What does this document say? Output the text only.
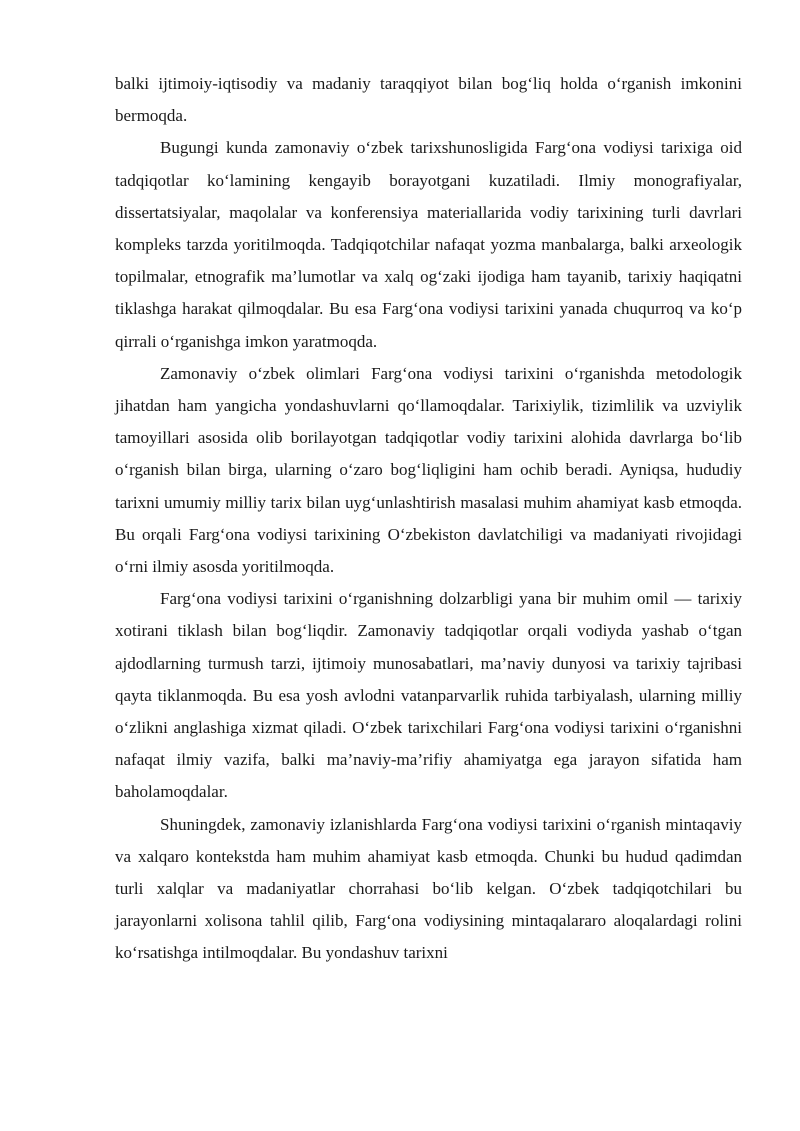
balki ijtimoiy-iqtisodiy va madaniy taraqqiyot bilan bog‘liq holda o‘rganish imkonini bermoqda.

Bugungi kunda zamonaviy o‘zbek tarixshunosligida Farg‘ona vodiysi tarixiga oid tadqiqotlar ko‘lamining kengayib borayotgani kuzatiladi. Ilmiy monografiyalar, dissertatsiyalar, maqolalar va konferensiya materiallarida vodiy tarixining turli davrlari kompleks tarzda yoritilmoqda. Tadqiqotchilar nafaqat yozma manbalarga, balki arxeologik topilmalar, etnografik ma’lumotlar va xalq og‘zaki ijodiga ham tayanib, tarixiy haqiqatni tiklashga harakat qilmoqdalar. Bu esa Farg‘ona vodiysi tarixini yanada chuqurroq va ko‘p qirrali o‘rganishga imkon yaratmoqda.

Zamonaviy o‘zbek olimlari Farg‘ona vodiysi tarixini o‘rganishda metodologik jihatdan ham yangicha yondashuvlarni qo‘llamoqdalar. Tarixiylik, tizimlilik va uzviylik tamoyillari asosida olib borilayotgan tadqiqotlar vodiy tarixini alohida davrlarga bo‘lib o‘rganish bilan birga, ularning o‘zaro bog‘liqligini ham ochib beradi. Ayniqsa, hududiy tarixni umumiy milliy tarix bilan uyg‘unlashtirish masalasi muhim ahamiyat kasb etmoqda. Bu orqali Farg‘ona vodiysi tarixining O‘zbekiston davlatchiligi va madaniyati rivojidagi o‘rni ilmiy asosda yoritilmoqda.

Farg‘ona vodiysi tarixini o‘rganishning dolzarbligi yana bir muhim omil — tarixiy xotirani tiklash bilan bog‘liqdir. Zamonaviy tadqiqotlar orqali vodiyda yashab o‘tgan ajdodlarning turmush tarzi, ijtimoiy munosabatlari, ma’naviy dunyosi va tarixiy tajribasi qayta tiklanmoqda. Bu esa yosh avlodni vatanparvarlik ruhida tarbiyalash, ularning milliy o‘zlikni anglashiga xizmat qiladi. O‘zbek tarixchilari Farg‘ona vodiysi tarixini o‘rganishni nafaqat ilmiy vazifa, balki ma’naviy-ma’rifiy ahamiyatga ega jarayon sifatida ham baholamoqdalar.

Shuningdek, zamonaviy izlanishlarda Farg‘ona vodiysi tarixini o‘rganish mintaqaviy va xalqaro kontekstda ham muhim ahamiyat kasb etmoqda. Chunki bu hudud qadimdan turli xalqlar va madaniyatlar chorrahasi bo‘lib kelgan. O‘zbek tadqiqotchilari bu jarayonlarni xolisona tahlil qilib, Farg‘ona vodiysining mintaqalararo aloqalardagi rolini ko‘rsatishga intilmoqdalar. Bu yondashuv tarixni
